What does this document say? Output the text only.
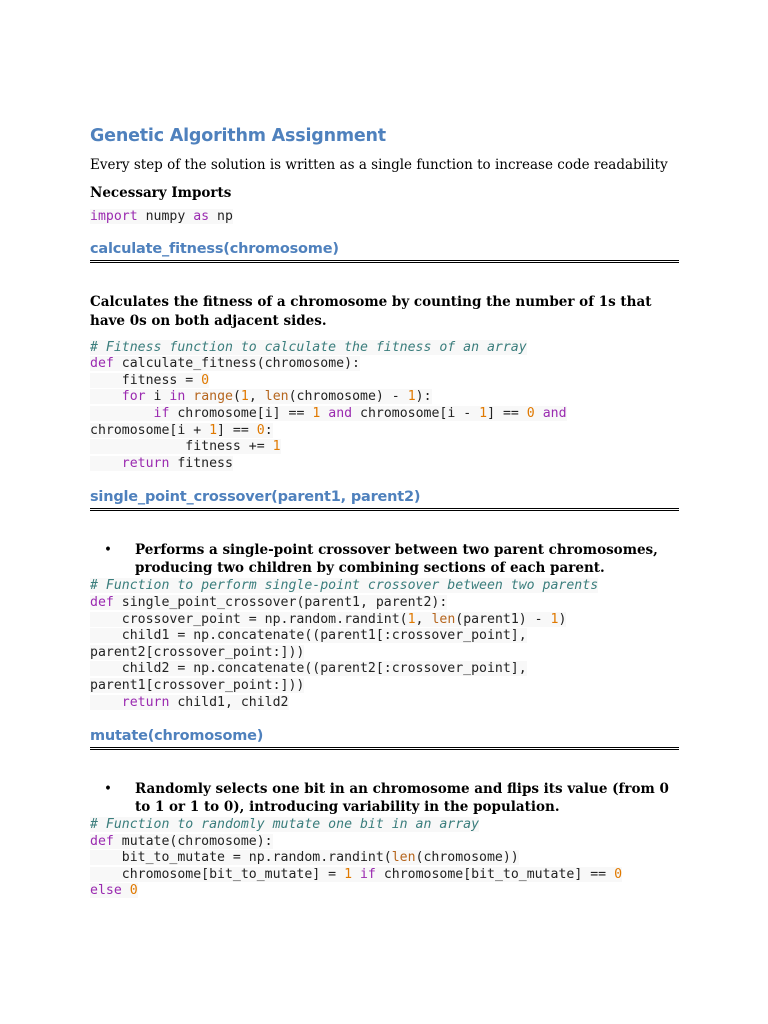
Genetic Algorithm Assignment

Every step of the solution is written as a single function to increase code readability

Necessary Imports

import numpy as np
calculate_fitness(chromosome)

Calculates the fitness of a chromosome by counting the number of 1s that have 0s on both adjacent sides.

# Fitness function to calculate the fitness of an array
def calculate_fitness(chromosome):
fitness = 0
for i in range(1, len(chromosome) - 1):
if chromosome[i] == 1 and chromosome[i - 1] == 0 and
chromosome[i + 1] == 0:
fitness += 1
return fitness
single_point_crossover(parent1, parent2)
•	Performs a single-point crossover between two parent chromosomes, producing two children by combining sections of each parent.
# Function to perform single-point crossover between two parents
def single_point_crossover(parent1, parent2):
crossover_point = np.random.randint(1, len(parent1) - 1)
child1 = np.concatenate((parent1[:crossover_point],
parent2[crossover_point:]))
child2 = np.concatenate((parent2[:crossover_point],
parent1[crossover_point:]))
return child1, child2
mutate(chromosome)
•	Randomly selects one bit in an chromosome and flips its value (from 0 to 1 or 1 to 0), introducing variability in the population.
# Function to randomly mutate one bit in an array
def mutate(chromosome):
bit_to_mutate = np.random.randint(len(chromosome))
chromosome[bit_to_mutate] = 1 if chromosome[bit_to_mutate] == 0
else 0
